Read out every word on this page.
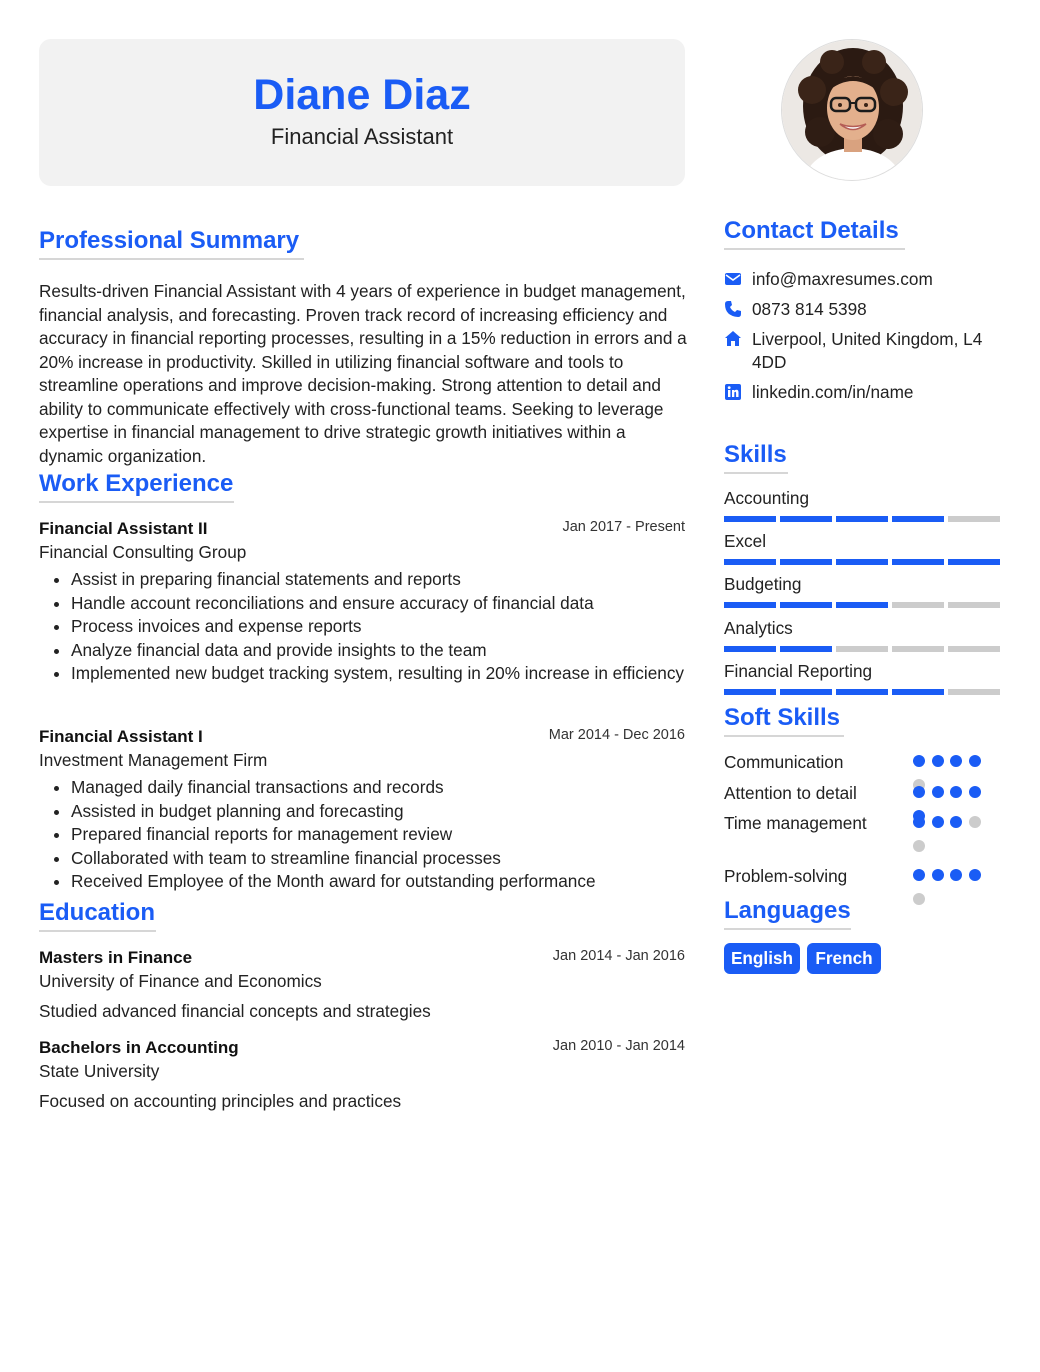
Diane Diaz
Financial Assistant
Professional Summary
Results-driven Financial Assistant with 4 years of experience in budget management, financial analysis, and forecasting. Proven track record of increasing efficiency and accuracy in financial reporting processes, resulting in a 15% reduction in errors and a 20% increase in productivity. Skilled in utilizing financial software and tools to streamline operations and improve decision-making. Strong attention to detail and ability to communicate effectively with cross-functional teams. Seeking to leverage expertise in financial management to drive strategic growth initiatives within a dynamic organization.
Work Experience
Financial Assistant II	Jan 2017 - Present
Financial Consulting Group
• Assist in preparing financial statements and reports
• Handle account reconciliations and ensure accuracy of financial data
• Process invoices and expense reports
• Analyze financial data and provide insights to the team
• Implemented new budget tracking system, resulting in 20% increase in efficiency
Financial Assistant I	Mar 2014 - Dec 2016
Investment Management Firm
• Managed daily financial transactions and records
• Assisted in budget planning and forecasting
• Prepared financial reports for management review
• Collaborated with team to streamline financial processes
• Received Employee of the Month award for outstanding performance
Education
Masters in Finance	Jan 2014 - Jan 2016
University of Finance and Economics
Studied advanced financial concepts and strategies
Bachelors in Accounting	Jan 2010 - Jan 2014
State University
Focused on accounting principles and practices
Contact Details
info@maxresumes.com
0873 814 5398
Liverpool, United Kingdom, L4 4DD
linkedin.com/in/name
Skills
Accounting
Excel
Budgeting
Analytics
Financial Reporting
Soft Skills
Communication
Attention to detail
Time management
Problem-solving
Languages
English	French
